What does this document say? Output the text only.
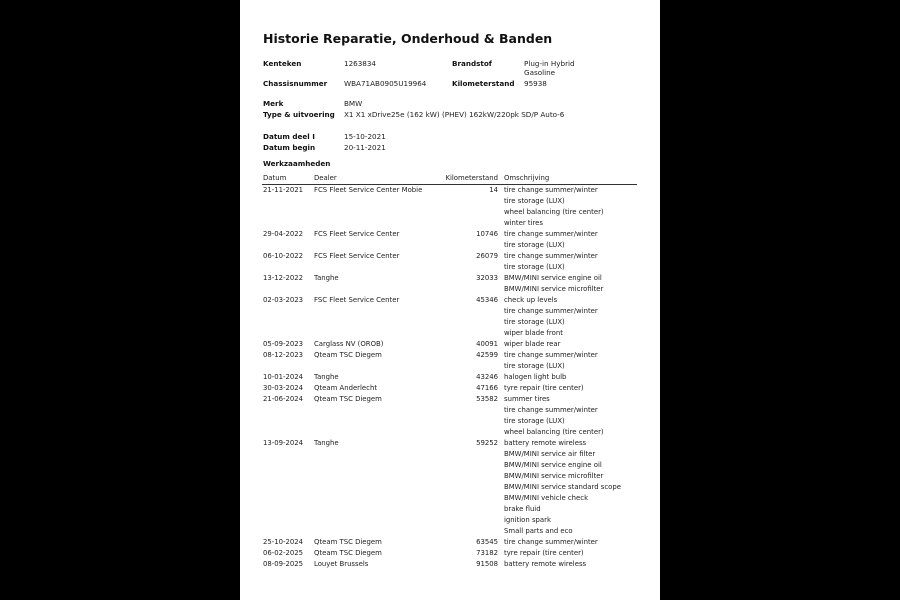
Historie Reparatie, Onderhoud & Banden
Kenteken	1263834	Brandstof	Plug-in Hybrid
Gasoline
Chassisnummer WBA71AB0905U19964	Kilometerstand 95938
Merk	BMW
Type & uitvoering X1 X1 xDrive25e (162 kW) (PHEV) 162kW/220pk SD/P Auto-6
Datum deel I	15-10-2021
Datum begin	20-11-2021
Werkzaamheden
Datum	Dealer	Kilometerstand Omschrijving
21-11-2021 FCS Fleet Service Center Mobie	14 tire change summer/winter
tire storage (LUX)
wheel balancing (tire center)
winter tires
29-04-2022 FCS Fleet Service Center	10746 tire change summer/winter
tire storage (LUX)
06-10-2022 FCS Fleet Service Center	26079 tire change summer/winter
tire storage (LUX)
13-12-2022 Tanghe	32033 BMW/MINI service engine oil
BMW/MINI service microfilter
02-03-2023 FSC Fleet Service Center	45346 check up levels
tire change summer/winter
tire storage (LUX)
wiper blade front
05-09-2023 Carglass NV (OROB)	40091 wiper blade rear
08-12-2023 Qteam TSC Diegem	42599 tire change summer/winter
tire storage (LUX)
10-01-2024 Tanghe	43246 halogen light bulb
30-03-2024 Qteam Anderlecht	47166 tyre repair (tire center)
21-06-2024 Qteam TSC Diegem	53582 summer tires
tire change summer/winter
tire storage (LUX)
wheel balancing (tire center)
13-09-2024 Tanghe	59252 battery remote wireless
BMW/MINI service air filter
BMW/MINI service engine oil
BMW/MINI service microfilter
BMW/MINI service standard scope
BMW/MINI vehicle check
brake fluid
ignition spark
Small parts and eco
25-10-2024 Qteam TSC Diegem	63545 tire change summer/winter
06-02-2025 Qteam TSC Diegem	73182 tyre repair (tire center)
08-09-2025 Louyet Brussels	91508 battery remote wireless
